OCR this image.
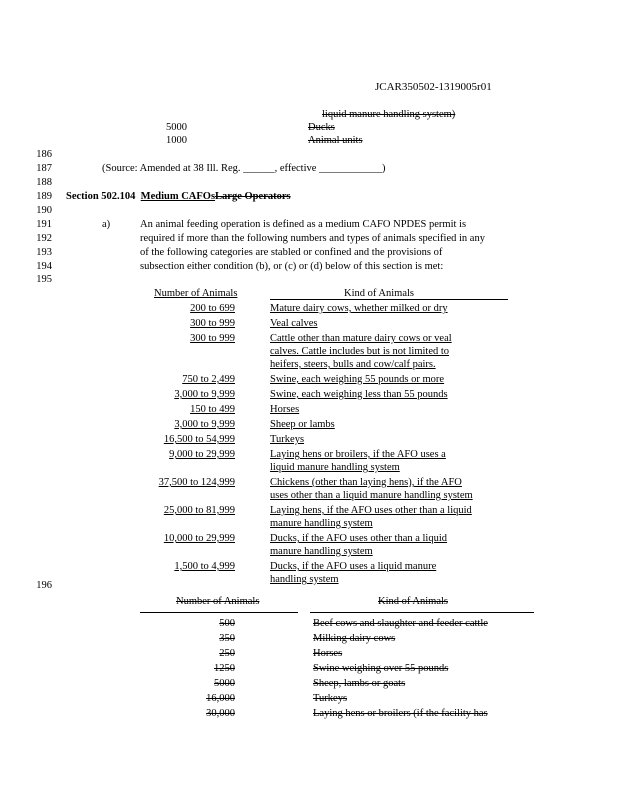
JCAR350502-1319005r01
liquid manure handling system)
5000	Ducks
1000	Animal units
186
187
188
189
190
191
192
193
194
195
196
(Source: Amended at 38 Ill. Reg. ______, effective ____________)
Section 502.104 Medium CAFOsLarge Operators
a)	An animal feeding operation is defined as a medium CAFO NPDES permit is
required if more than the following numbers and types of animals specified in any
of the following categories are stabled or confined and the provisions of
subsection either condition (b), or (c) or (d) below of this section is met:
Number of Animals	Kind of Animals
200 to 699	Mature dairy cows, whether milked or dry
300 to 999	Veal calves
300 to 999	Cattle other than mature dairy cows or veal
calves. Cattle includes but is not limited to
heifers, steers, bulls and cow/calf pairs.
750 to 2,499	Swine, each weighing 55 pounds or more
3,000 to 9,999	Swine, each weighing less than 55 pounds
150 to 499	Horses
3,000 to 9,999	Sheep or lambs
16,500 to 54,999	Turkeys
9,000 to 29,999	Laying hens or broilers, if the AFO uses a
liquid manure handling system
37,500 to 124,999	Chickens (other than laying hens), if the AFO
uses other than a liquid manure handling system
25,000 to 81,999	Laying hens, if the AFO uses other than a liquid
manure handling system
10,000 to 29,999	Ducks, if the AFO uses other than a liquid
manure handling system
1,500 to 4,999	Ducks, if the AFO uses a liquid manure
handling system
Number of Animals	Kind of Animals
500	Beef cows and slaughter and feeder cattle
350	Milking dairy cows
250	Horses
1250	Swine weighing over 55 pounds
5000	Sheep, lambs or goats
16,000	Turkeys
30,000	Laying hens or broilers (if the facility has
